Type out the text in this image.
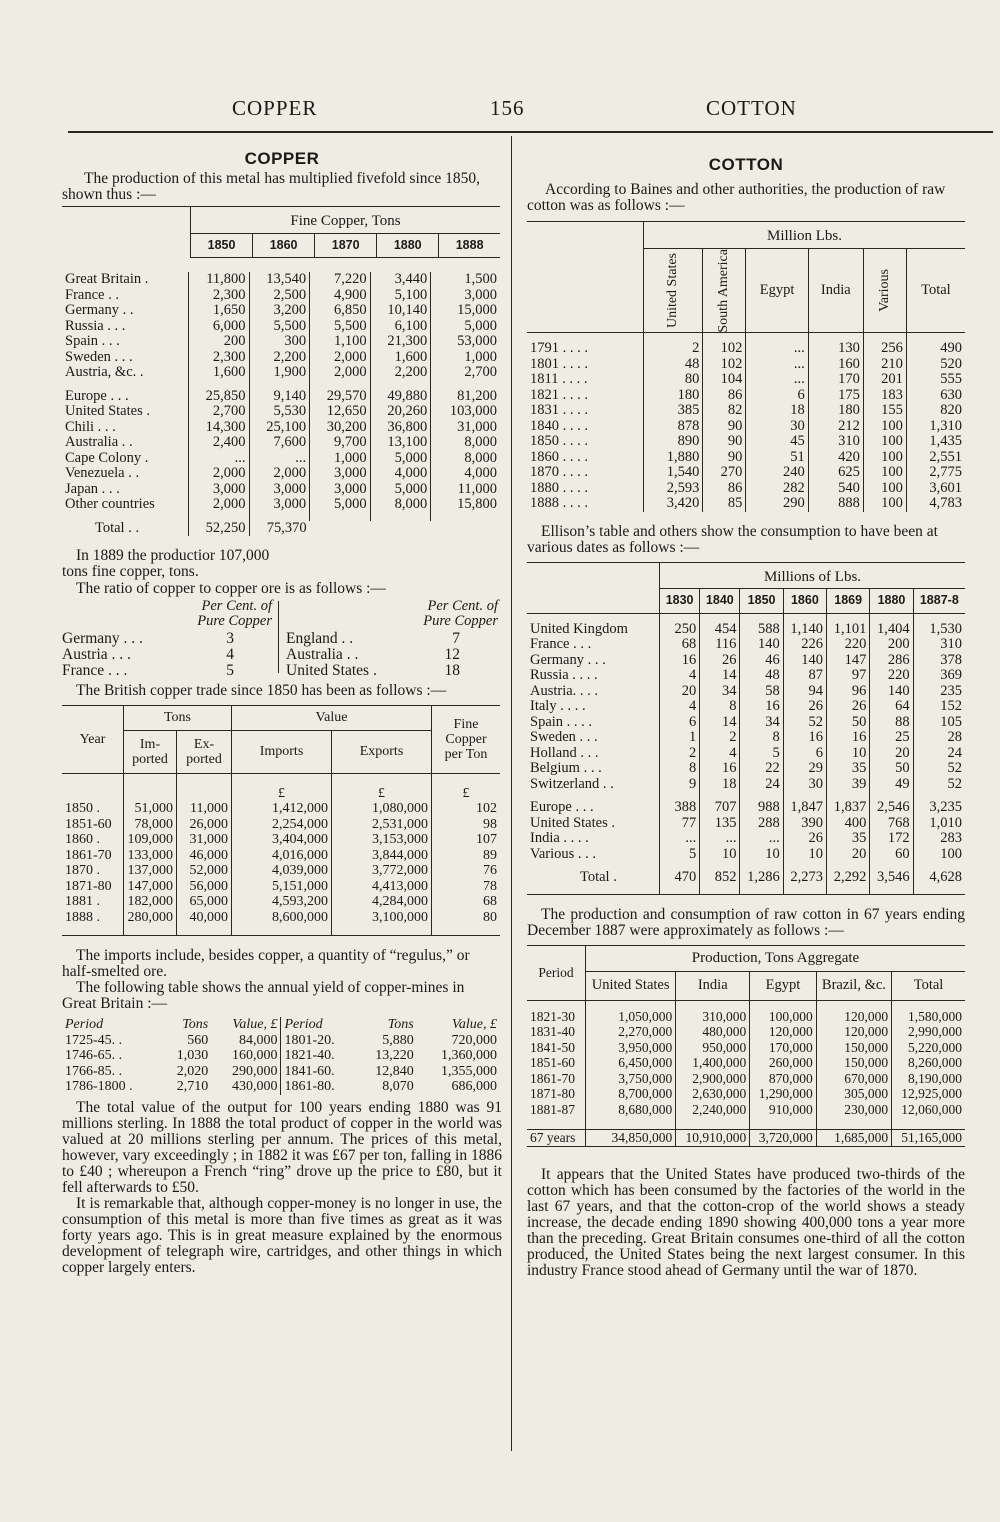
COPPER	156	COTTON
COPPER

The production of this metal has multiplied fivefold since 1850, shown thus :—

	Fine Copper, Tons				
	1850	1860	1870	1880	1888
Great Britain .	11,800	13,540	7,220	3,440	1,500
France . .	2,300	2,500	4,900	5,100	3,000
Germany . .	1,650	3,200	6,850	10,140	15,000
Russia . . .	6,000	5,500	5,500	6,100	5,000
Spain . . .	200	300	1,100	21,300	53,000
Sweden . . .	2,300	2,200	2,000	1,600	1,000
Austria, &c. .	1,600	1,900	2,000	2,200	2,700

Europe . . .	25,850	9,140	29,570	49,880	81,200
United States .	2,700	5,530	12,650	20,260	103,000
Chili . . .	14,300	25,100	30,200	36,800	31,000
Australia . .	2,400	7,600	9,700	13,100	8,000
Cape Colony .	...	...	1,000	5,000	8,000
Venezuela . .	2,000	2,000	3,000	4,000	4,000
Japan . . .	3,000	3,000	3,000	5,000	11,000
Other countries	2,000	3,000	5,000	8,000	15,800

Total . .	52,250	75,370			

In 1889 the productior 107,000 tons fine copper, tons.

The ratio of copper to copper ore is as follows :—

Per Cent. of Pure Copper
Per Cent. of Pure Copper
Germany . . .	3
Austria . . .	4
France . . .	5
England . .	7
Australia . .	12
United States .	18

The British copper trade since 1850 has been as follows :—

Year	Tons		Value		Fine Copper per Ton
	Im- ported	Ex- ported	Imports	Exports	

			£	£	£
1850 .	51,000	11,000	1,412,000	1,080,000	102
1851-60	78,000	26,000	2,254,000	2,531,000	98
1860 .	109,000	31,000	3,404,000	3,153,000	107
1861-70	133,000	46,000	4,016,000	3,844,000	89
1870 .	137,000	52,000	4,039,000	3,772,000	76
1871-80	147,000	56,000	5,151,000	4,413,000	78
1881 .	182,000	65,000	4,593,200	4,284,000	68
1888 .	280,000	40,000	8,600,000	3,100,000	80

The imports include, besides copper, a quantity of “regulus,” or half-smelted ore.

The following table shows the annual yield of copper-mines in Great Britain :—

Period	Tons	Value, £	Period	Tons	Value, £
1725-45. .	560	84,000	1801-20.	5,880	720,000
1746-65. .	1,030	160,000	1821-40.	13,220	1,360,000
1766-85. .	2,020	290,000	1841-60.	12,840	1,355,000
1786-1800 .	2,710	430,000	1861-80.	8,070	686,000

The total value of the output for 100 years ending 1880 was 91 millions sterling. In 1888 the total product of copper in the world was valued at 20 millions sterling per annum. The prices of this metal, however, vary exceedingly ; in 1882 it was £67 per ton, falling in 1886 to £40 ; whereupon a French “ring” drove up the price to £80, but it fell afterwards to £50.

It is remarkable that, although copper-money is no longer in use, the consumption of this metal is more than five times as great as it was forty years ago. This is in great measure explained by the enormous development of telegraph wire, cartridges, and other things in which copper largely enters.

COTTON

According to Baines and other authorities, the production of raw cotton was as follows :—

	Million Lbs.					

	United States	South America	Egypt	India	Various	Total

1791 . . . .	2	102	...	130	256	490
1801 . . . .	48	102	...	160	210	520
1811 . . . .	80	104	...	170	201	555
1821 . . . .	180	86	6	175	183	630
1831 . . . .	385	82	18	180	155	820
1840 . . . .	878	90	30	212	100	1,310
1850 . . . .	890	90	45	310	100	1,435
1860 . . . .	1,880	90	51	420	100	2,551
1870 . . . .	1,540	270	240	625	100	2,775
1880 . . . .	2,593	86	282	540	100	3,601
1888 . . . .	3,420	85	290	888	100	4,783

Ellison’s table and others show the consumption to have been at various dates as follows :—

	Millions of Lbs.						
	1830	1840	1850	1860	1869	1880	1887-8

United Kingdom	250	454	588	1,140	1,101	1,404	1,530
France . . .	68	116	140	226	220	200	310
Germany . . .	16	26	46	140	147	286	378
Russia . . . .	4	14	48	87	97	220	369
Austria. . . .	20	34	58	94	96	140	235
Italy . . . .	4	8	16	26	26	64	152
Spain . . . .	6	14	34	52	50	88	105
Sweden . . .	1	2	8	16	16	25	28
Holland . . .	2	4	5	6	10	20	24
Belgium . . .	8	16	22	29	35	50	52
Switzerland . .	9	18	24	30	39	49	52

Europe . . .	388	707	988	1,847	1,837	2,546	3,235
United States .	77	135	288	390	400	768	1,010
India . . . .	...	...	...	26	35	172	283
Various . . .	5	10	10	10	20	60	100

Total .	470	852	1,286	2,273	2,292	3,546	4,628

The production and consumption of raw cotton in 67 years ending December 1887 were approximately as follows :—

Period	Production, Tons Aggregate				
	United States	India	Egypt	Brazil, &c.	Total

1821-30	1,050,000	310,000	100,000	120,000	1,580,000
1831-40	2,270,000	480,000	120,000	120,000	2,990,000
1841-50	3,950,000	950,000	170,000	150,000	5,220,000
1851-60	6,450,000	1,400,000	260,000	150,000	8,260,000
1861-70	3,750,000	2,900,000	870,000	670,000	8,190,000
1871-80	8,700,000	2,630,000	1,290,000	305,000	12,925,000
1881-87	8,680,000	2,240,000	910,000	230,000	12,060,000

67 years	34,850,000	10,910,000	3,720,000	1,685,000	51,165,000

It appears that the United States have produced two-thirds of the cotton which has been consumed by the factories of the world in the last 67 years, and that the cotton-crop of the world shows a steady increase, the decade ending 1890 showing 400,000 tons a year more than the preceding. Great Britain consumes one-third of all the cotton produced, the United States being the next largest consumer. In this industry France stood ahead of Germany until the war of 1870.
